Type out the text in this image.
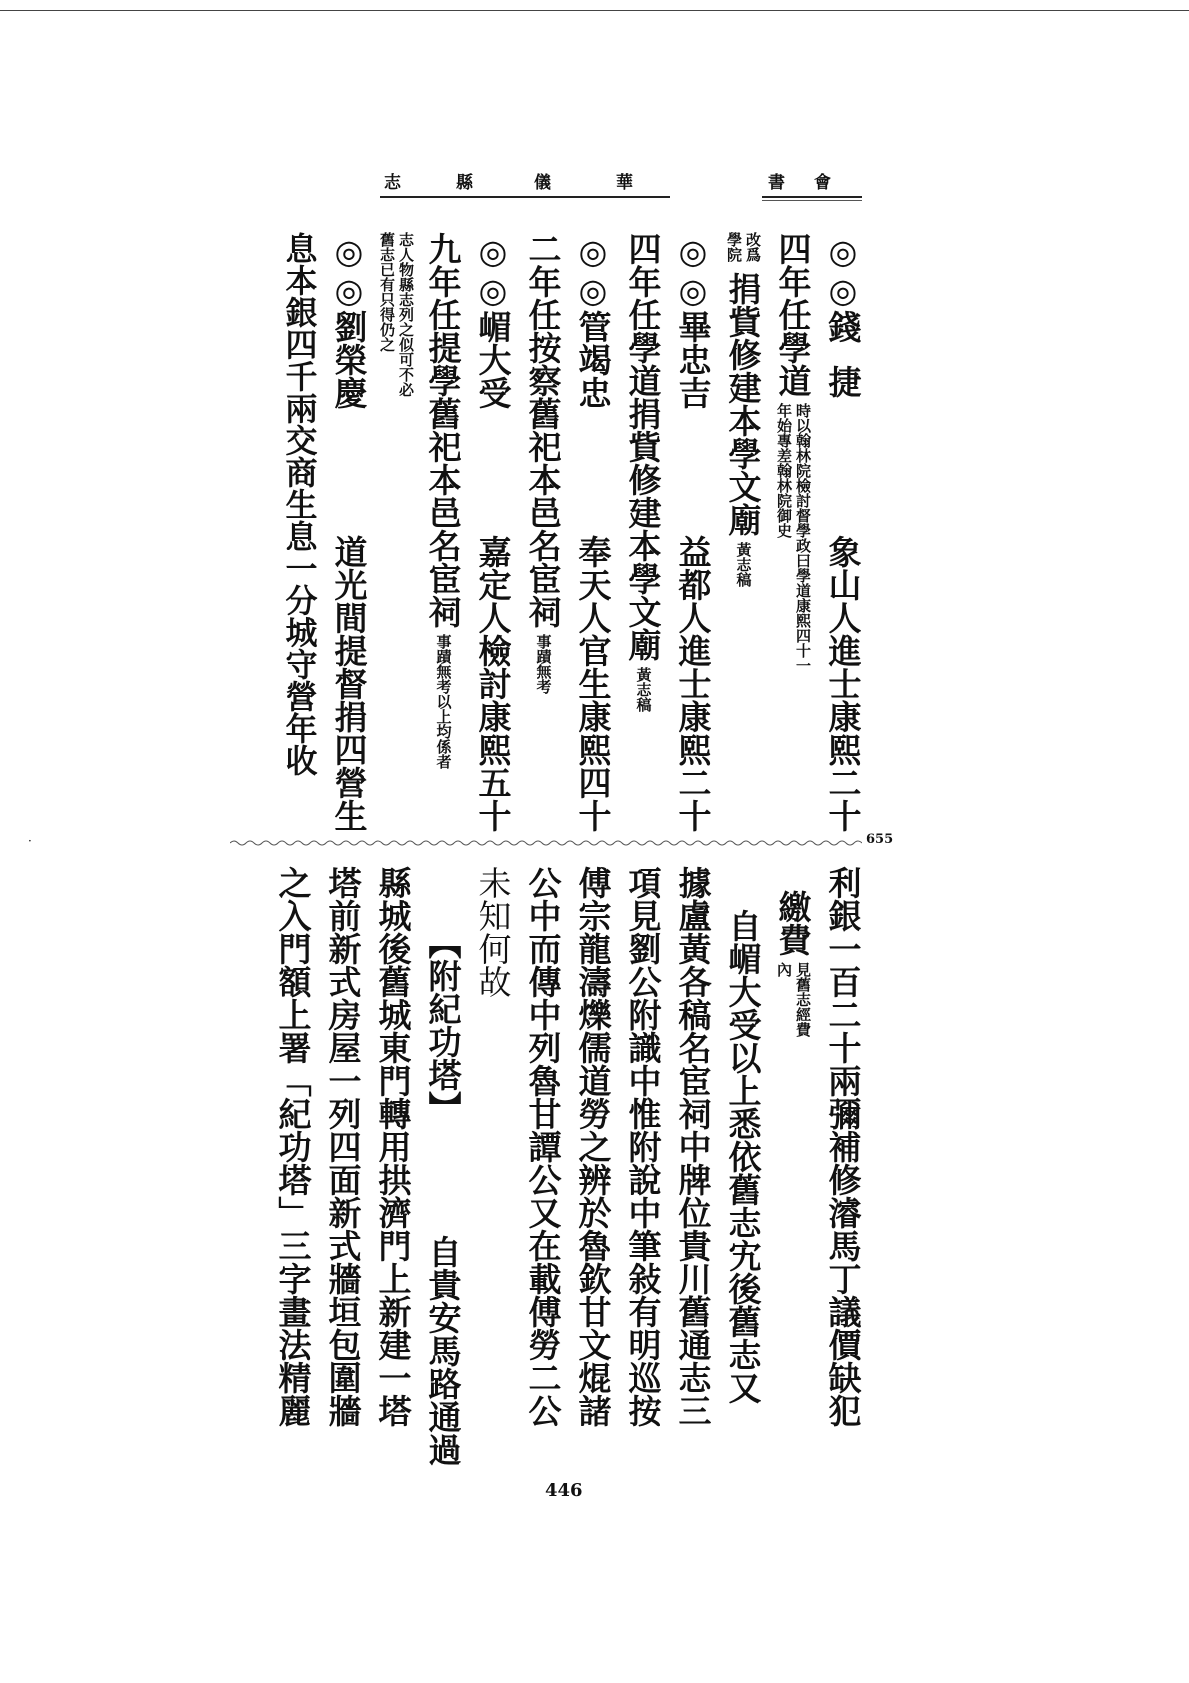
·
志	縣	儀	華	書 會
◎◎錢
捷
象山人進士康熙二十
四年任學道
時以翰林院檢討督學政曰學道康熙四十一年始專差翰林院御史
改爲學院
捐貲修建本學文廟
黃志稿
◎◎畢忠吉
益都人進士康熙二十
四年任學道捐貲修建本學文廟
黃志稿
◎◎管竭忠
奉天人官生康熙四十
二年任按察舊祀本邑名宦祠
事蹟無考
◎◎嵋大受
嘉定人檢討康熙五十
九年任提學舊祀本邑名宦祠
事蹟無考以上均係者
志人物縣志列之似可不必
舊志已有只得仍之
◎◎劉榮慶
道光間提督捐四營生
息本銀四千兩交商生息一分城守營年收
655
利銀一百二十兩彌補修濬馬丁議價缺犯
繳費
見舊志經費內
自嵋大受以上悉依舊志宄後舊志又
據盧黃各稿名宦祠中牌位貴川舊通志三
項見劉公附識中惟附說中筆敍有明巡按
傅宗龍濤爍儒道勞之辨於魯欽甘文焜諸
公中而傳中列魯甘譚公又在載傅勞二公
未知何故
【附紀功塔】
自貴安馬路通過
縣城後舊城東門轉用拱濟門上新建一塔
塔前新式房屋一列四面新式牆垣包圍牆
之入門額上署「紀功塔」三字畫法精麗
446
